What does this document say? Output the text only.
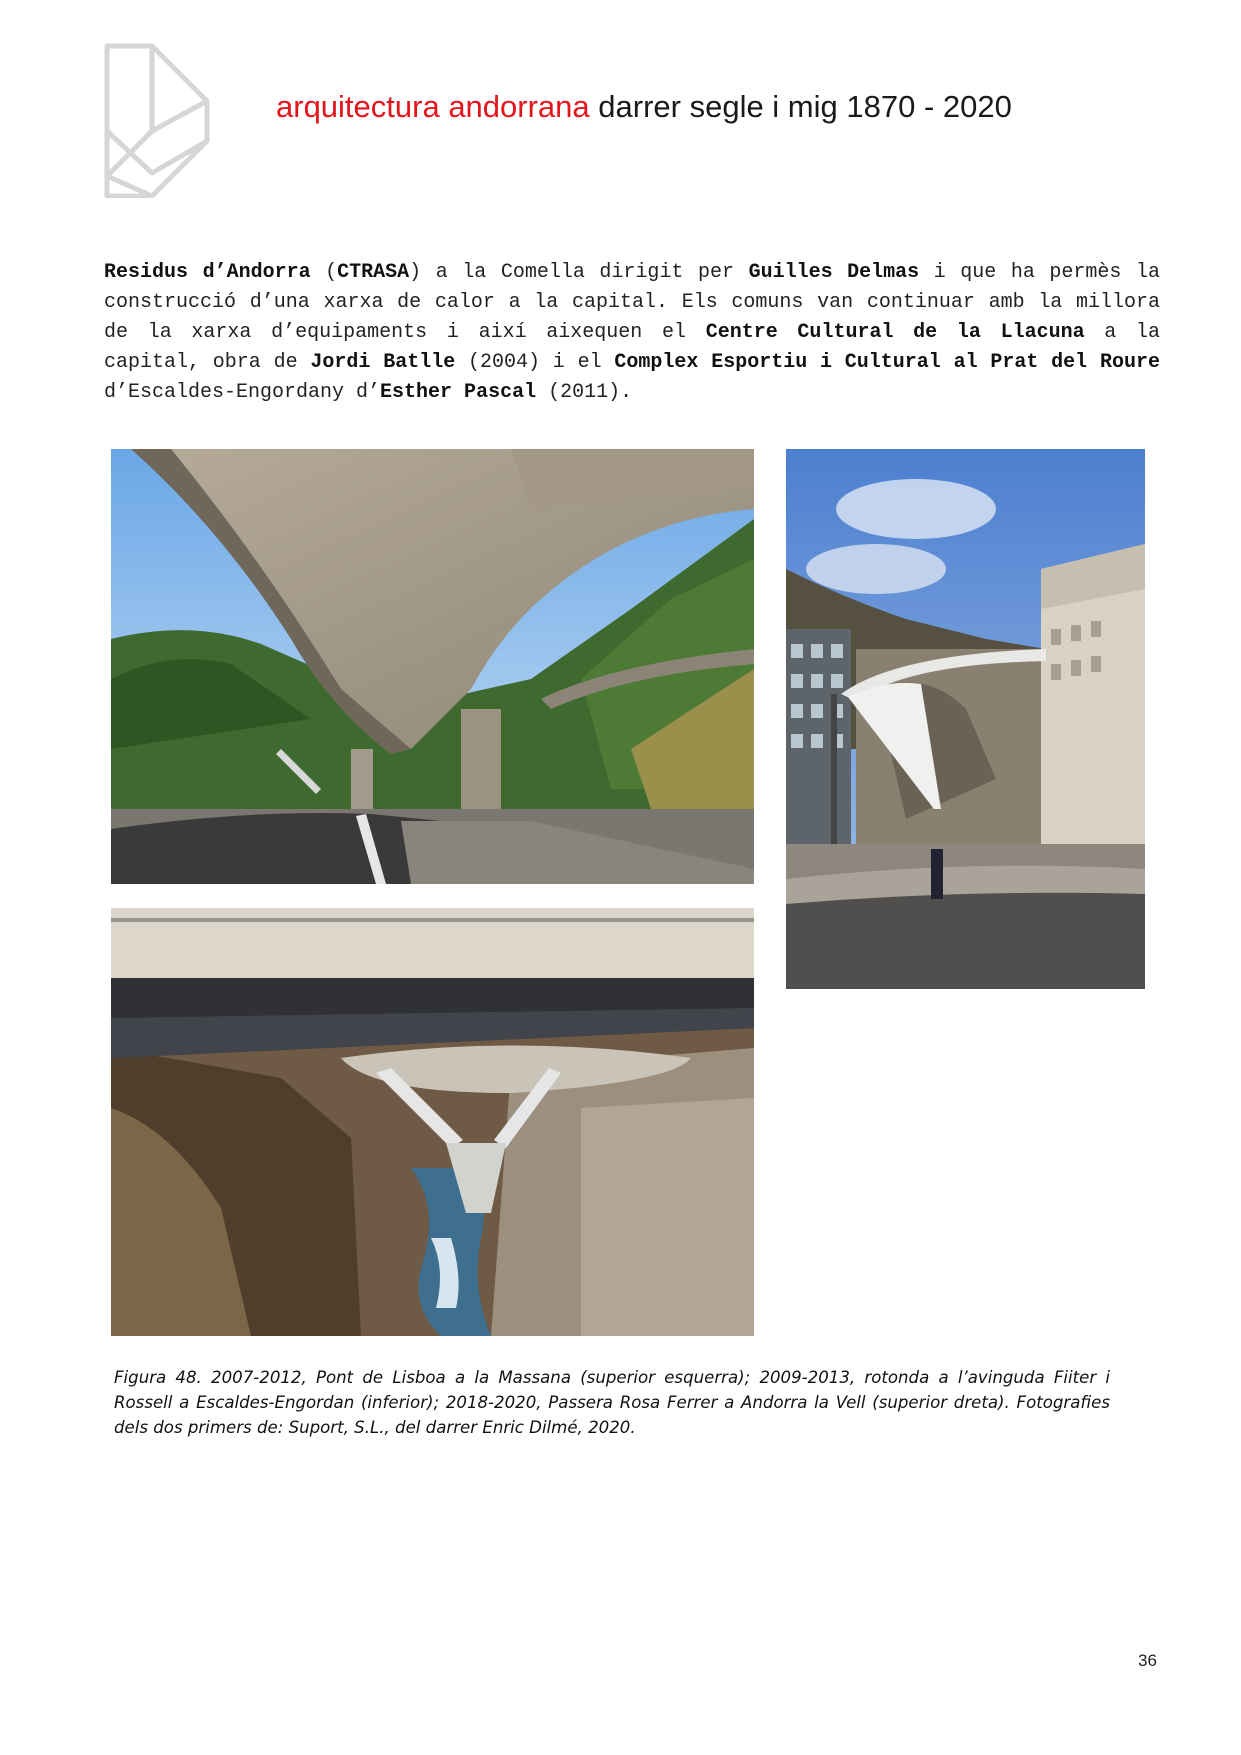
arquitectura andorrana darrer segle i mig 1870 - 2020

Residus d’Andorra (CTRASA) a la Comella dirigit per Guilles Delmas i que ha permès la construcció d’una xarxa de calor a la capital. Els comuns van continuar amb la millora de la xarxa d’equipaments i així aixequen el Centre Cultural de la Llacuna a la capital, obra de Jordi Batlle (2004) i el Complex Esportiu i Cultural al Prat del Roure d’Escaldes-Engordany d’Esther Pascal (2011).

Figura 48. 2007-2012, Pont de Lisboa a la Massana (superior esquerra); 2009-2013, rotonda a l’avinguda Fiiter i Rossell a Escaldes-Engordan (inferior); 2018-2020, Passera Rosa Ferrer a Andorra la Vell (superior dreta). Fotografies dels dos primers de: Suport, S.L., del darrer Enric Dilmé, 2020.

36
